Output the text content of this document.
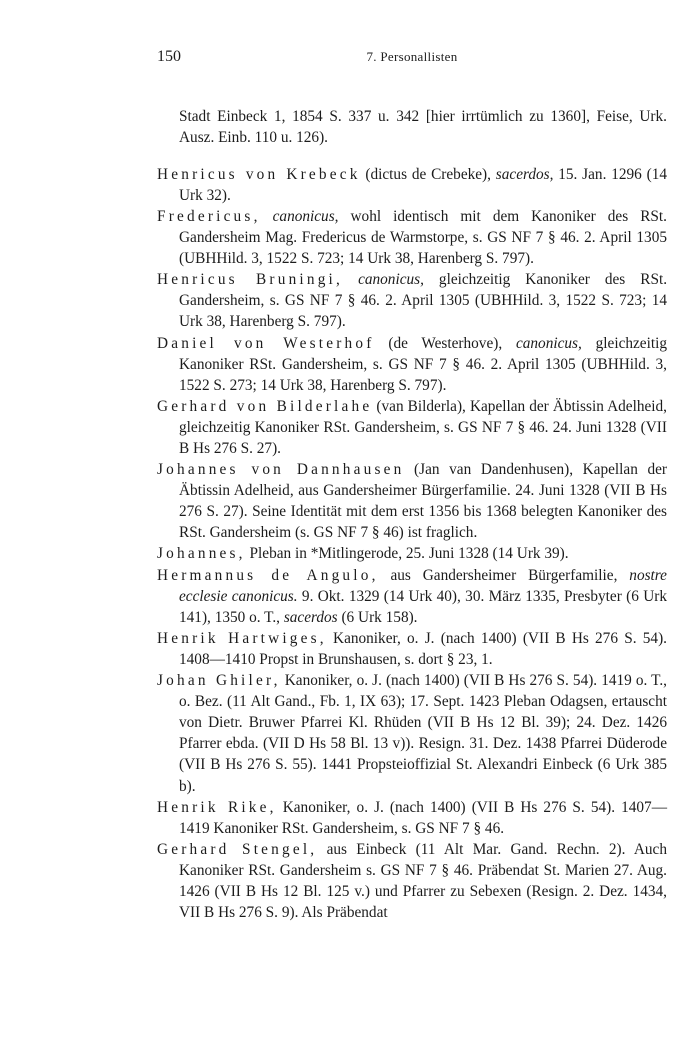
150	7. Personallisten

Stadt Einbeck 1, 1854 S. 337 u. 342 [hier irrtümlich zu 1360], Feise, Urk. Ausz. Einb. 110 u. 126).

Henricus von Krebeck (dictus de Crebeke), sacerdos, 15. Jan. 1296 (14 Urk 32).

Fredericus, canonicus, wohl identisch mit dem Kanoniker des RSt. Gandersheim Mag. Fredericus de Warmstorpe, s. GS NF 7 § 46. 2. April 1305 (UBHHild. 3, 1522 S. 723; 14 Urk 38, Harenberg S. 797).

Henricus Bruningi, canonicus, gleichzeitig Kanoniker des RSt. Gandersheim, s. GS NF 7 § 46. 2. April 1305 (UBHHild. 3, 1522 S. 723; 14 Urk 38, Harenberg S. 797).

Daniel von Westerhof (de Westerhove), canonicus, gleichzeitig Kanoniker RSt. Gandersheim, s. GS NF 7 § 46. 2. April 1305 (UBHHild. 3, 1522 S. 273; 14 Urk 38, Harenberg S. 797).

Gerhard von Bilderlahe (van Bilderla), Kapellan der Äbtissin Adelheid, gleichzeitig Kanoniker RSt. Gandersheim, s. GS NF 7 § 46. 24. Juni 1328 (VII B Hs 276 S. 27).

Johannes von Dannhausen (Jan van Dandenhusen), Kapellan der Äbtissin Adelheid, aus Gandersheimer Bürgerfamilie. 24. Juni 1328 (VII B Hs 276 S. 27). Seine Identität mit dem erst 1356 bis 1368 belegten Kanoniker des RSt. Gandersheim (s. GS NF 7 § 46) ist fraglich.

Johannes, Pleban in *Mitlingerode, 25. Juni 1328 (14 Urk 39).

Hermannus de Angulo, aus Gandersheimer Bürgerfamilie, nostre ecclesie canonicus. 9. Okt. 1329 (14 Urk 40), 30. März 1335, Presbyter (6 Urk 141), 1350 o. T., sacerdos (6 Urk 158).

Henrik Hartwiges, Kanoniker, o. J. (nach 1400) (VII B Hs 276 S. 54). 1408—1410 Propst in Brunshausen, s. dort § 23, 1.

Johan Ghiler, Kanoniker, o. J. (nach 1400) (VII B Hs 276 S. 54). 1419 o. T., o. Bez. (11 Alt Gand., Fb. 1, IX 63); 17. Sept. 1423 Pleban Odagsen, ertauscht von Dietr. Bruwer Pfarrei Kl. Rhüden (VII B Hs 12 Bl. 39); 24. Dez. 1426 Pfarrer ebda. (VII D Hs 58 Bl. 13 v)). Resign. 31. Dez. 1438 Pfarrei Düderode (VII B Hs 276 S. 55). 1441 Propsteioffizial St. Alexandri Einbeck (6 Urk 385 b).

Henrik Rike, Kanoniker, o. J. (nach 1400) (VII B Hs 276 S. 54). 1407—1419 Kanoniker RSt. Gandersheim, s. GS NF 7 § 46.

Gerhard Stengel, aus Einbeck (11 Alt Mar. Gand. Rechn. 2). Auch Kanoniker RSt. Gandersheim s. GS NF 7 § 46. Präbendat St. Marien 27. Aug. 1426 (VII B Hs 12 Bl. 125 v.) und Pfarrer zu Sebexen (Resign. 2. Dez. 1434, VII B Hs 276 S. 9). Als Präbendat
